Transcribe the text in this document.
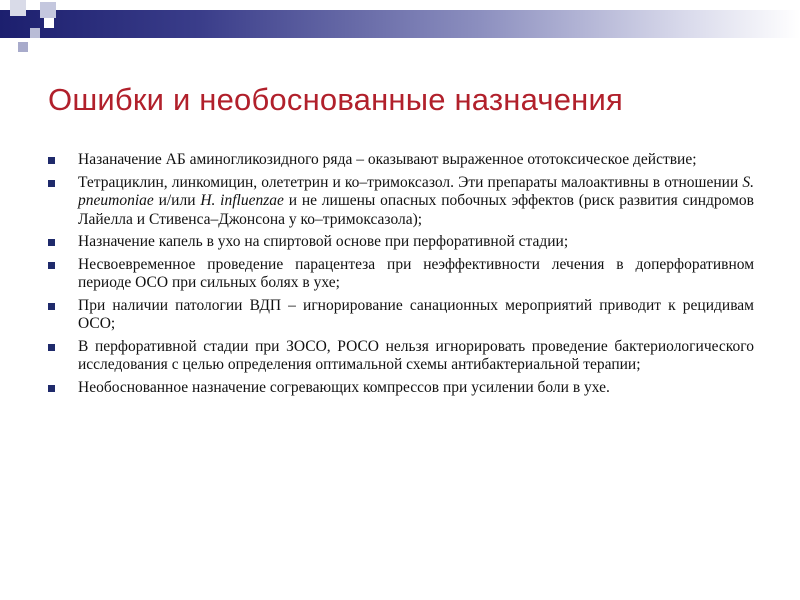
Ошибки и необоснованные назначения
Назаначение АБ аминогликозидного ряда – оказывают выраженное ототоксическое действие;
Тетрациклин, линкомицин, олететрин и ко–тримоксазол. Эти препараты малоактивны в отношении S. pneumoniae и/или H. influenzae и не лишены опасных побочных эффектов (риск развития синдромов Лайелла и Стивенса–Джонсона у ко–тримоксазола);
Назначение капель в ухо на спиртовой основе при перфоративной стадии;
Несвоевременное проведение парацентеза при неэффективности лечения в доперфоративном периоде ОСО при сильных болях в ухе;
При наличии патологии ВДП – игнорирование санационных мероприятий приводит к рецидивам ОСО;
В перфоративной стадии при ЗОСО, РОСО нельзя игнорировать проведение бактериологического исследования с целью определения оптимальной схемы антибактериальной терапии;
Необоснованное назначение согревающих компрессов при усилении боли в ухе.
